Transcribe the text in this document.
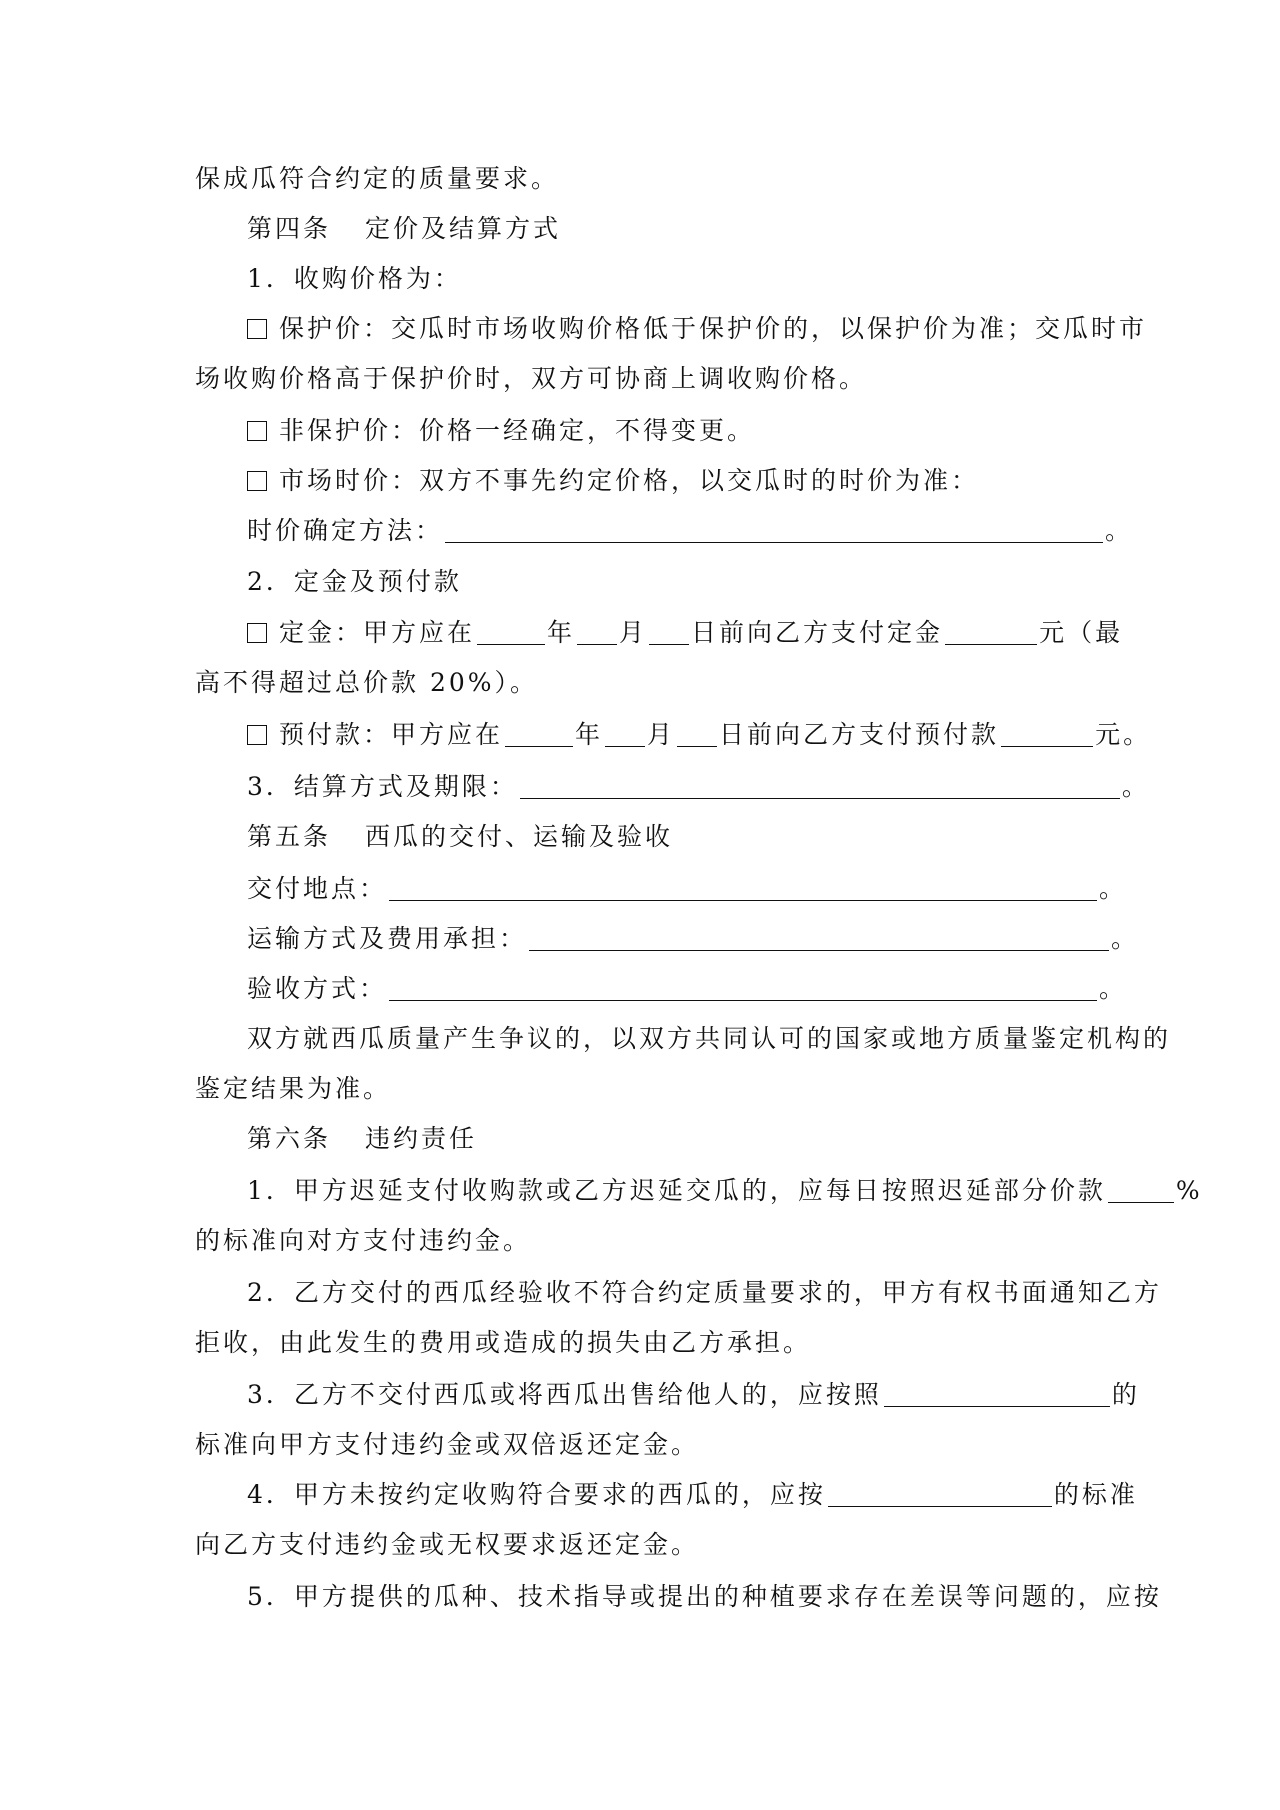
保成瓜符合约定的质量要求。
第四条 定价及结算方式
1．收购价格为：
保护价：交瓜时市场收购价格低于保护价的，以保护价为准；交瓜时市
场收购价格高于保护价时，双方可协商上调收购价格。
非保护价：价格一经确定，不得变更。
市场时价：双方不事先约定价格，以交瓜时的时价为准：
时价确定方法：	。
2．定金及预付款
定金：甲方应在	年 月 日前向乙方支付定金	元（最
高不得超过总价款 20%）。
预付款：甲方应在	年 月 日前向乙方支付预付款	元。
3．结算方式及期限：	。
第五条 西瓜的交付、运输及验收
交付地点：	。
运输方式及费用承担：	。
验收方式：	。
双方就西瓜质量产生争议的，以双方共同认可的国家或地方质量鉴定机构的
鉴定结果为准。
第六条 违约责任
1．甲方迟延支付收购款或乙方迟延交瓜的，应每日按照迟延部分价款	%
的标准向对方支付违约金。
2．乙方交付的西瓜经验收不符合约定质量要求的，甲方有权书面通知乙方
拒收，由此发生的费用或造成的损失由乙方承担。
3．乙方不交付西瓜或将西瓜出售给他人的，应按照	的
标准向甲方支付违约金或双倍返还定金。
4．甲方未按约定收购符合要求的西瓜的，应按	的标准
向乙方支付违约金或无权要求返还定金。
5．甲方提供的瓜种、技术指导或提出的种植要求存在差误等问题的，应按
